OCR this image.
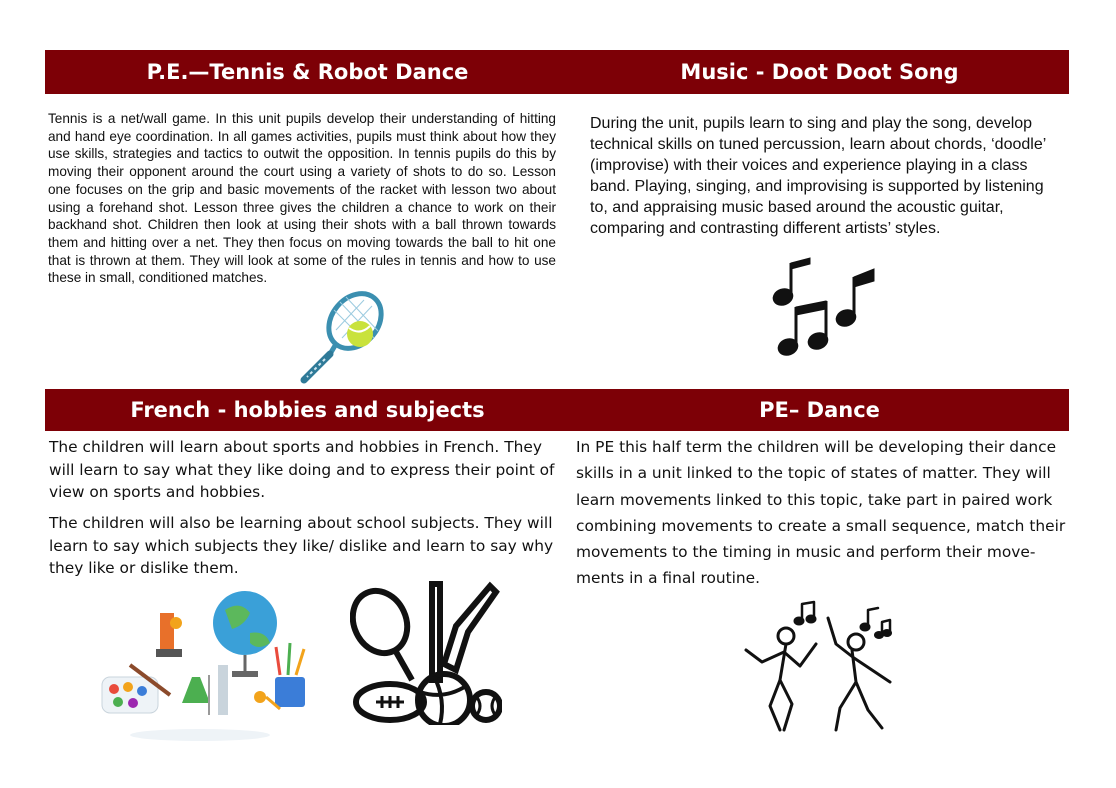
P.E.—Tennis & Robot Dance	Music - Doot Doot Song
French - hobbies and subjects	PE– Dance

Tennis is a net/wall game. In this unit pupils develop their understanding of hitting and hand eye coordination. In all games activities, pupils must think about how they use skills, strategies and tactics to outwit the opposition. In tennis pupils do this by moving their opponent around the court using a variety of shots to do so. Lesson one focuses on the grip and basic movements of the racket with lesson two about using a forehand shot. Lesson three gives the children a chance to work on their backhand shot. Children then look at using their shots with a ball thrown towards them and hitting over a net. They then focus on moving towards the ball to hit one that is thrown at them. They will look at some of the rules in tennis and how to use these in small, conditioned matches.

During the unit, pupils learn to sing and play the song, develop technical skills on tuned percussion, learn about chords, ‘doodle’ (improvise) with their voices and experience playing in a class band. Playing, singing, and improvising is supported by listening to, and appraising music based around the acoustic guitar, comparing and contrasting different artists’ styles.

The children will learn about sports and hobbies in French. They will learn to say what they like doing and to express their point of view on sports and hobbies.

The children will also be learning about school subjects. They will learn to say which subjects they like/ dislike and learn to say why they like or dislike them.

In PE this half term the children will be developing their dance skills in a unit linked to the topic of states of matter. They will learn movements linked to this topic, take part in paired work combining movements to create a small sequence, match their movements to the timing in music and perform their move-ments in a final routine.
